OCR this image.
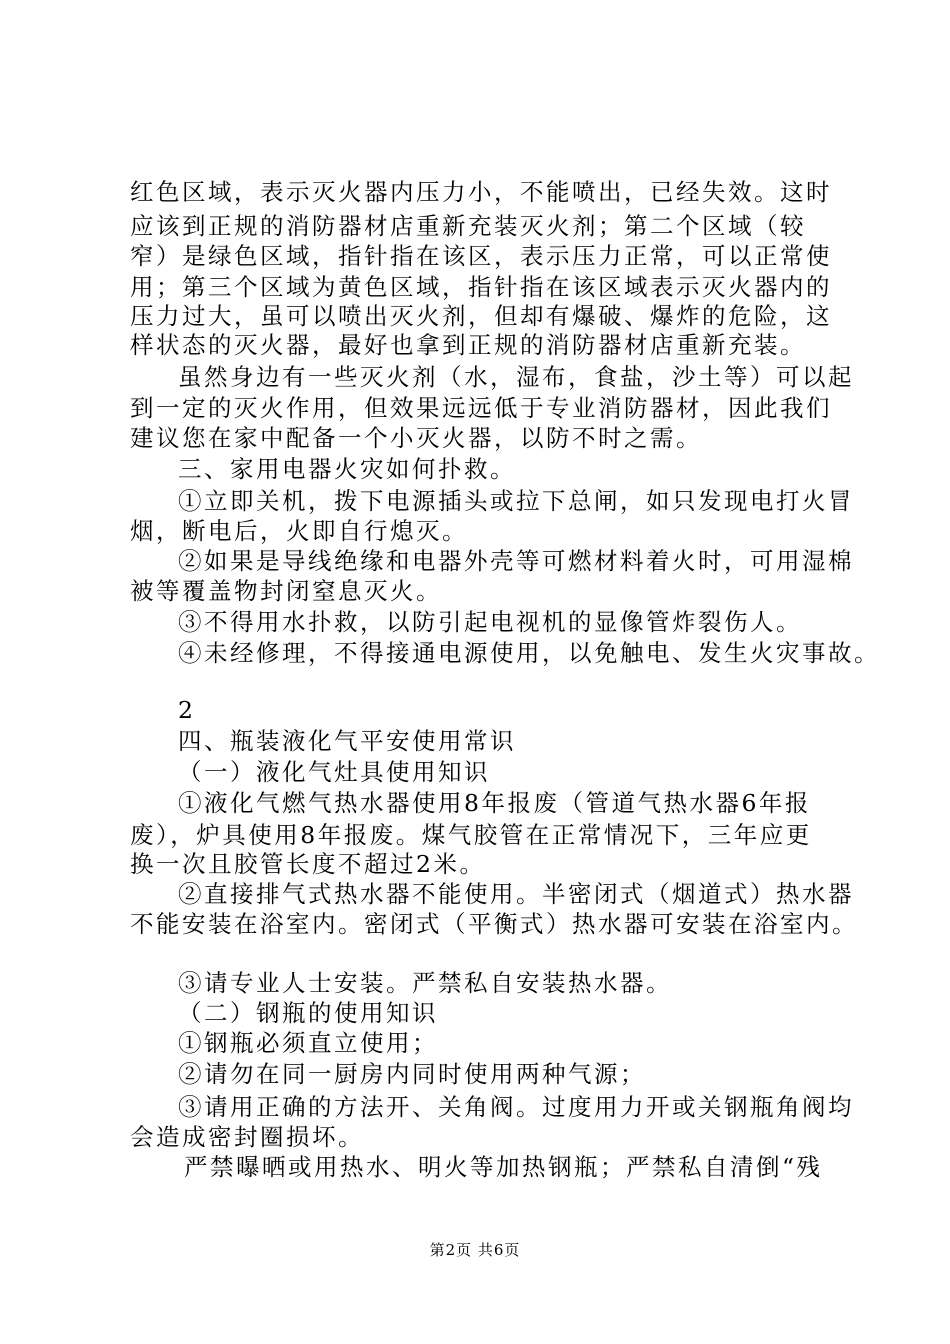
红色区域，表示灭火器内压力小，不能喷出，已经失效。这时
应该到正规的消防器材店重新充装灭火剂；第二个区域（较
窄）是绿色区域，指针指在该区，表示压力正常，可以正常使
用；第三个区域为黄色区域，指针指在该区域表示灭火器内的
压力过大，虽可以喷出灭火剂，但却有爆破、爆炸的危险，这
样状态的灭火器，最好也拿到正规的消防器材店重新充装。
虽然身边有一些灭火剂（水，湿布，食盐，沙土等）可以起
到一定的灭火作用，但效果远远低于专业消防器材，因此我们
建议您在家中配备一个小灭火器，以防不时之需。
三、家用电器火灾如何扑救。
①立即关机，拨下电源插头或拉下总闸，如只发现电打火冒
烟，断电后，火即自行熄灭。
②如果是导线绝缘和电器外壳等可燃材料着火时，可用湿棉
被等覆盖物封闭窒息灭火。
③不得用水扑救，以防引起电视机的显像管炸裂伤人。
④未经修理，不得接通电源使用，以免触电、发生火灾事故。
2
四、瓶装液化气平安使用常识
（一）液化气灶具使用知识
①液化气燃气热水器使用8年报废（管道气热水器6年报
废），炉具使用8年报废。煤气胶管在正常情况下，三年应更
换一次且胶管长度不超过2米。
②直接排气式热水器不能使用。半密闭式（烟道式）热水器
不能安装在浴室内。密闭式（平衡式）热水器可安装在浴室内。
③请专业人士安装。严禁私自安装热水器。
（二）钢瓶的使用知识
①钢瓶必须直立使用；
②请勿在同一厨房内同时使用两种气源；
③请用正确的方法开、关角阀。过度用力开或关钢瓶角阀均
会造成密封圈损坏。
严禁曝晒或用热水、明火等加热钢瓶；严禁私自清倒“残
第2页 共6页
